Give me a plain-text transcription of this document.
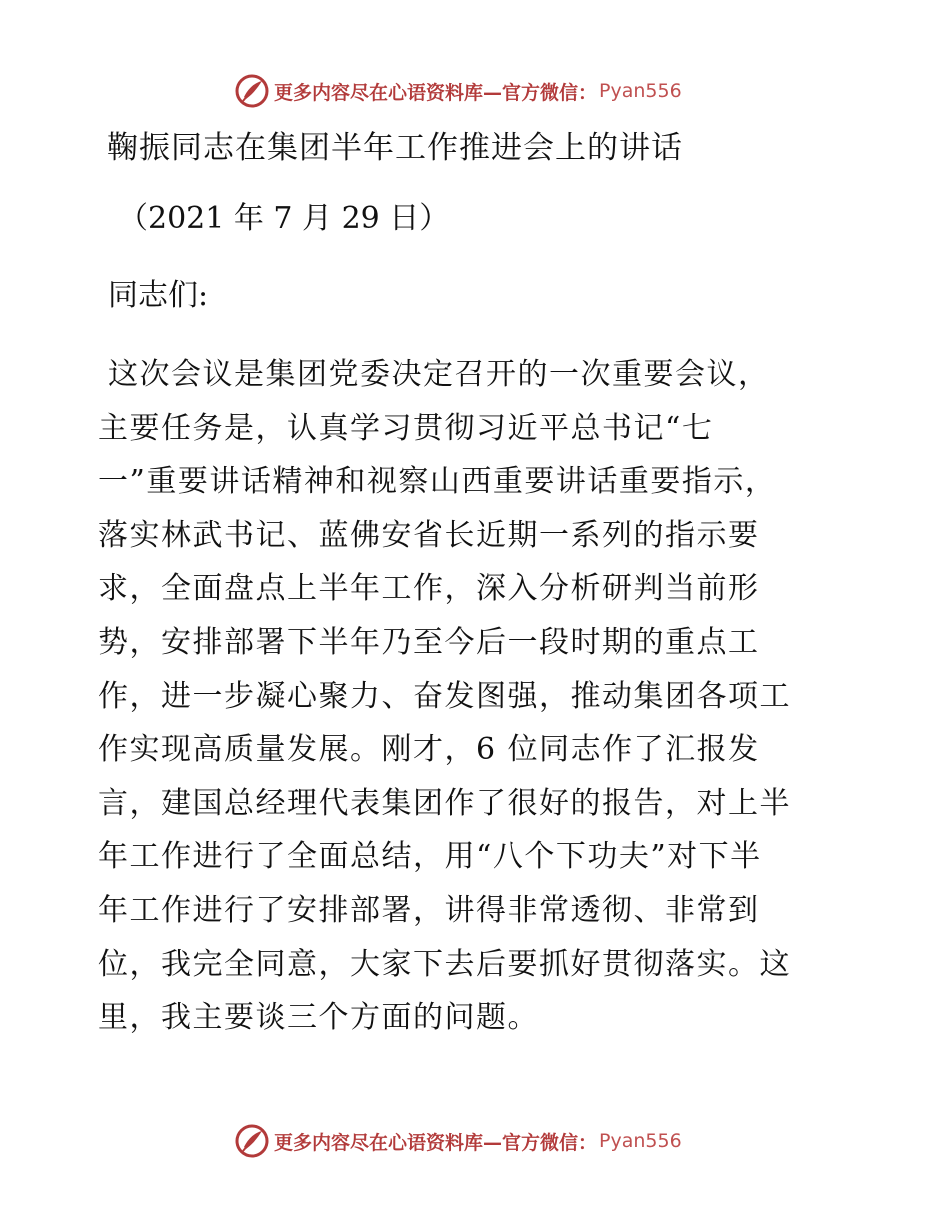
更多内容尽在心语资料库—官方微信： Pyan556
鞠振同志在集团半年工作推进会上的讲话
（2021 年 7 月 29 日）
同志们:
这次会议是集团党委决定召开的一次重要会议，
主要任务是，认真学习贯彻习近平总书记“七
一”重要讲话精神和视察山西重要讲话重要指示，
落实林武书记、蓝佛安省长近期一系列的指示要
求，全面盘点上半年工作，深入分析研判当前形
势，安排部署下半年乃至今后一段时期的重点工
作，进一步凝心聚力、奋发图强，推动集团各项工
作实现高质量发展。刚才，6 位同志作了汇报发
言，建国总经理代表集团作了很好的报告，对上半
年工作进行了全面总结，用“八个下功夫”对下半
年工作进行了安排部署，讲得非常透彻、非常到
位，我完全同意，大家下去后要抓好贯彻落实。这
里，我主要谈三个方面的问题。
更多内容尽在心语资料库—官方微信： Pyan556
